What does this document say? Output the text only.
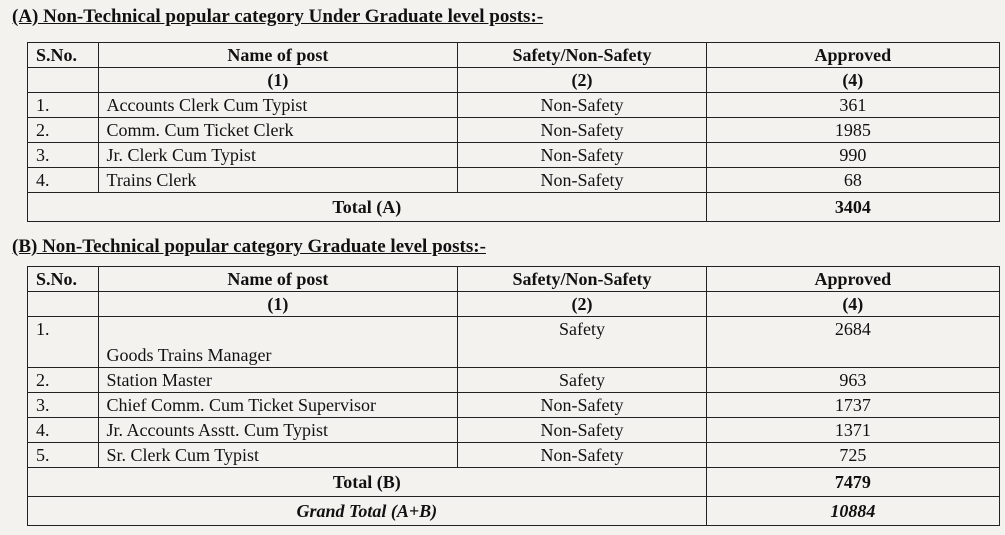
(A) Non-Technical popular category Under Graduate level posts:-
S.No.	Name of post	Safety/Non-Safety	Approved
	(1)	(2)	(4)
1.	Accounts Clerk Cum Typist	Non-Safety	361
2.	Comm. Cum Ticket Clerk	Non-Safety	1985
3.	Jr. Clerk Cum Typist	Non-Safety	990
4.	Trains Clerk	Non-Safety	68
Total (A)			3404
(B) Non-Technical popular category Graduate level posts:-
S.No.	Name of post	Safety/Non-Safety	Approved
	(1)	(2)	(4)
1.	Goods Trains Manager	Safety	2684
2.	Station Master	Safety	963
3.	Chief Comm. Cum Ticket Supervisor	Non-Safety	1737
4.	Jr. Accounts Asstt. Cum Typist	Non-Safety	1371
5.	Sr. Clerk Cum Typist	Non-Safety	725
Total (B)			7479
Grand Total (A+B)			10884
